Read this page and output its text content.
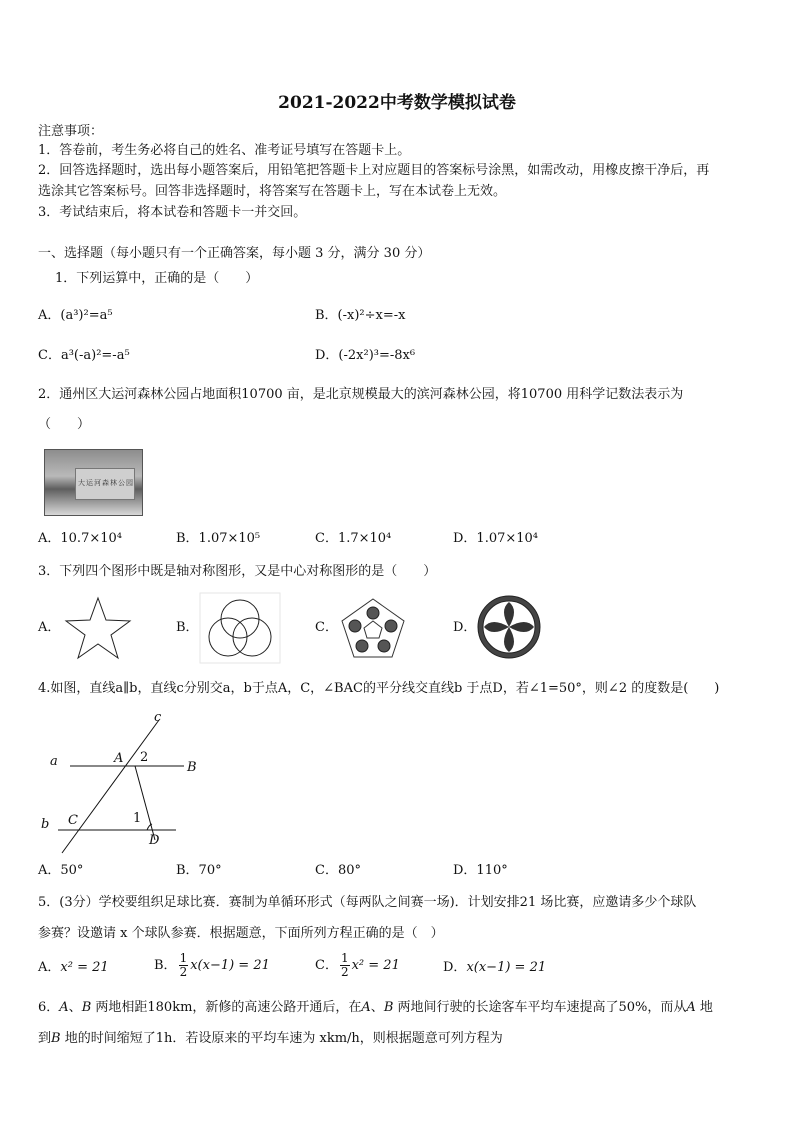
2021-2022中考数学模拟试卷
注意事项：
1．答卷前，考生务必将自己的姓名、准考证号填写在答题卡上。
2．回答选择题时，选出每小题答案后，用铅笔把答题卡上对应题目的答案标号涂黑，如需改动，用橡皮擦干净后，再
选涂其它答案标号。回答非选择题时，将答案写在答题卡上，写在本试卷上无效。
3．考试结束后，将本试卷和答题卡一并交回。
一、选择题（每小题只有一个正确答案，每小题 3 分，满分 30 分）
1．下列运算中，正确的是（　　）
A．(a³)²=a⁵	B．(-x)²÷x=-x
C．a³(-a)²=-a⁵	D．(-2x²)³=-8x⁶
2．通州区大运河森林公园占地面积10700 亩，是北京规模最大的滨河森林公园，将10700 用科学记数法表示为
（　　）
大运河森林公园
A．10.7×10⁴	B．1.07×10⁵	C．1.7×10⁴	D．1.07×10⁴
3．下列四个图形中既是轴对称图形，又是中心对称图形的是（　　）
A．	B．	C．	D．
4.如图，直线a∥b，直线c分别交a，b于点A，C，∠BAC的平分线交直线b 于点D，若∠1=50°，则∠2 的度数是(　　)
c
a	A 2
B
b C	1
D
A．50°	B．70°	C．80°	D．110°
5．(3分）学校要组织足球比赛．赛制为单循环形式（每两队之间赛一场)．计划安排21 场比赛，应邀请多少个球队
参赛？设邀请 x 个球队参赛．根据题意，下面所列方程正确的是（　）
A．x² = 21	B． $\frac{1}{2} x(x-1) = 21$	C． $\frac{1}{2} x^2 = 21$	D．x(x−1) = 21
6．A、B 两地相距180km，新修的高速公路开通后，在A、B 两地间行驶的长途客车平均车速提高了50%，而从A 地
到B 地的时间缩短了1h．若设原来的平均车速为 xkm/h，则根据题意可列方程为
